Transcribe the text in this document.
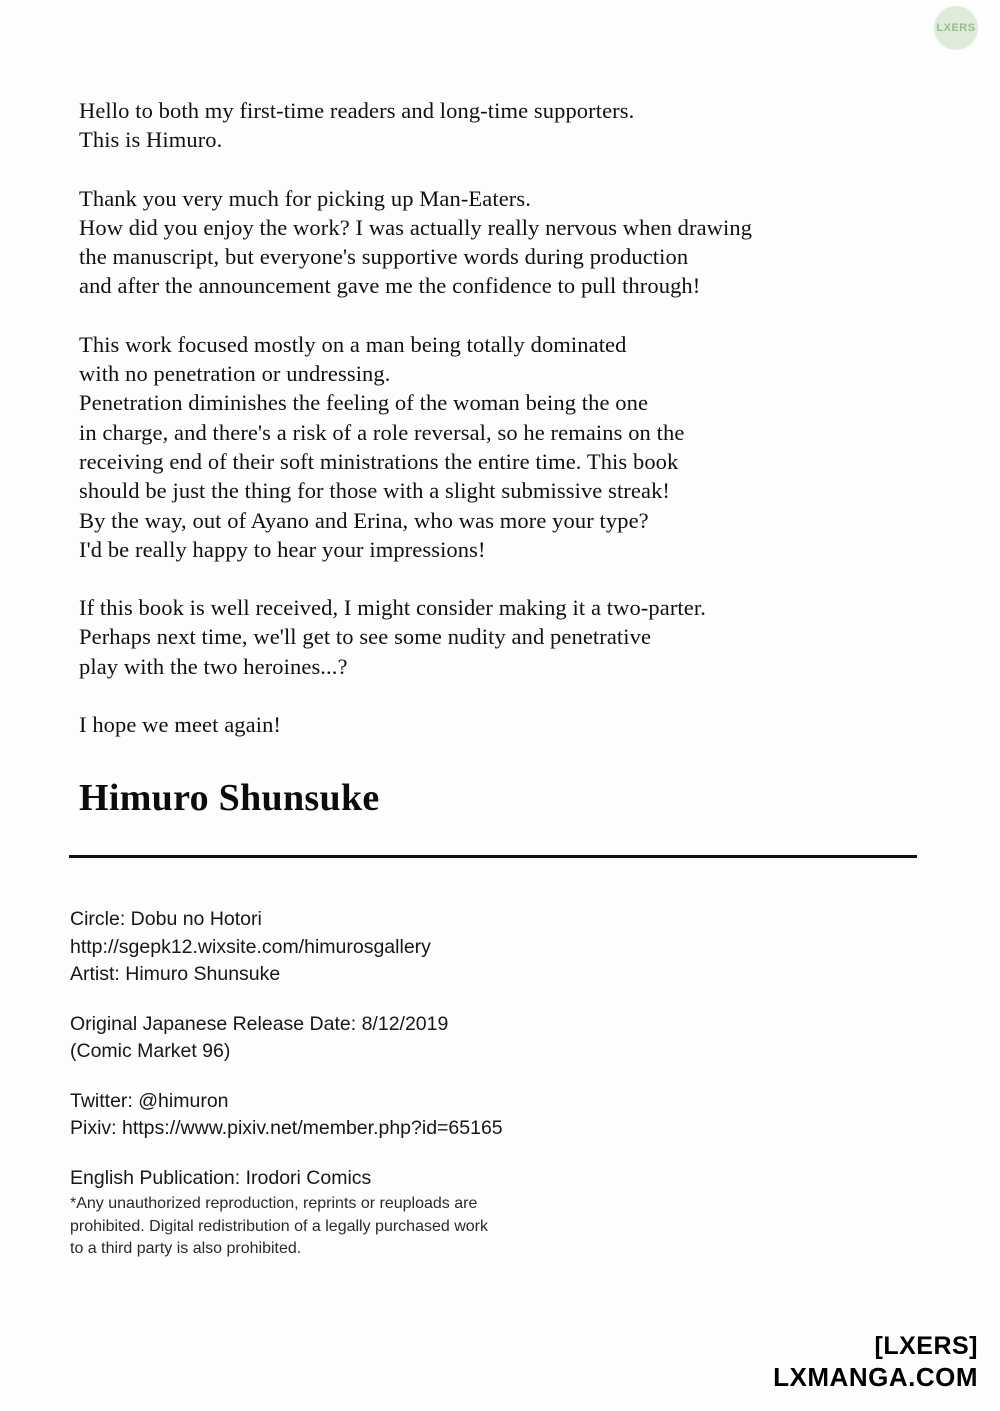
LXERS

Hello to both my first-time readers and long-time supporters.

This is Himuro.

Thank you very much for picking up Man-Eaters.

How did you enjoy the work? I was actually really nervous when drawing

the manuscript, but everyone's supportive words during production

and after the announcement gave me the confidence to pull through!

This work focused mostly on a man being totally dominated

with no penetration or undressing.

Penetration diminishes the feeling of the woman being the one

in charge, and there's a risk of a role reversal, so he remains on the

receiving end of their soft ministrations the entire time. This book

should be just the thing for those with a slight submissive streak!

By the way, out of Ayano and Erina, who was more your type?

I'd be really happy to hear your impressions!

If this book is well received, I might consider making it a two-parter.

Perhaps next time, we'll get to see some nudity and penetrative

play with the two heroines...?

I hope we meet again!

Himuro Shunsuke
Circle: Dobu no Hotori
http://sgepk12.wixsite.com/himurosgallery
Artist: Himuro Shunsuke
Original Japanese Release Date: 8/12/2019
(Comic Market 96)
Twitter: @himuron
Pixiv: https://www.pixiv.net/member.php?id=65165
English Publication: Irodori Comics
*Any unauthorized reproduction, reprints or reuploads are
prohibited. Digital redistribution of a legally purchased work
to a third party is also prohibited.
[LXERS]
LXMANGA.COM
